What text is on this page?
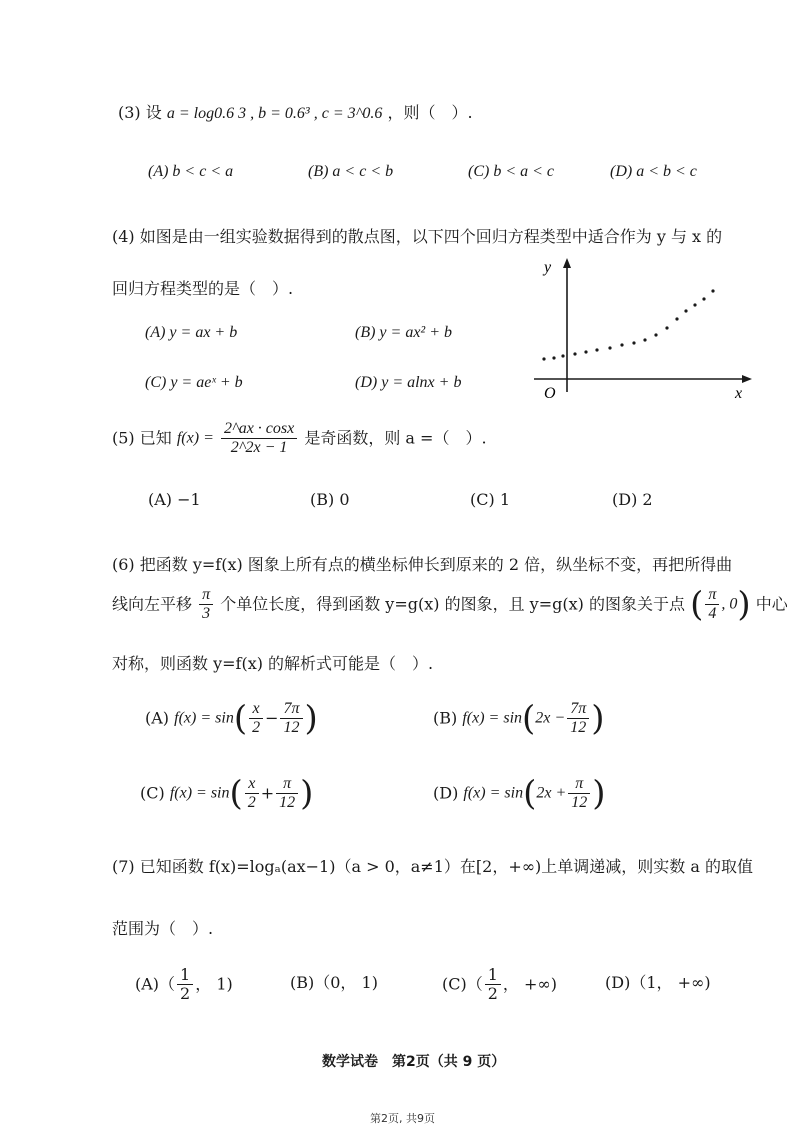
(3) 设 a = log0.6 3 , b = 0.6³ , c = 3^0.6 ，则（　）.
(A) b < c < a	(B) a < c < b	(C) b < a < c	(D) a < b < c
(4) 如图是由一组实验数据得到的散点图，以下四个回归方程类型中适合作为 y 与 x 的
回归方程类型的是（　）.
(A) y = ax + b	(B) y = ax² + b
(C) y = aeˣ + b	(D) y = alnx + b
y
x
O
(5) 已知 $f(x) = \frac{2\^{}ax \cdot \cos x}{2\^{}2x - 1}$ 是奇函数，则 a =（　）.
(A) −1	(B) 0	(C) 1	(D) 2
(6) 把函数 y=f(x) 图象上所有点的横坐标伸长到原来的 2 倍，纵坐标不变，再把所得曲
线向左平移 $\frac{\pi}{3}$ 个单位长度，得到函数 y=g(x) 的图象，且 y=g(x) 的图象关于点 ( $\frac{\pi}{4}$ , 0) 中心
对称，则函数 y=f(x) 的解析式可能是（　）.
(A) $f(x) = \sin( \frac{x}{2} - \frac{7\pi}{12}$ )	(B) $f(x) = \sin(2x - \frac{7\pi}{12}$ )
(C) $f(x) = \sin( \frac{x}{2} + \frac{\pi}{12}$ )	(D) $f(x) = \sin(2x + \frac{\pi}{12}$ )
(7) 已知函数 f(x)=logₐ(ax−1)（a > 0，a≠1）在[2，+∞)上单调递减，则实数 a 的取值
范围为（　）.
$(A)( \frac{1}{2}$ ， 1)	(B)（0， 1)	$(C)( \frac{1}{2}$ ， +∞)	(D)（1， +∞)
数学试卷　第2页（共 9 页）
第2页, 共9页
